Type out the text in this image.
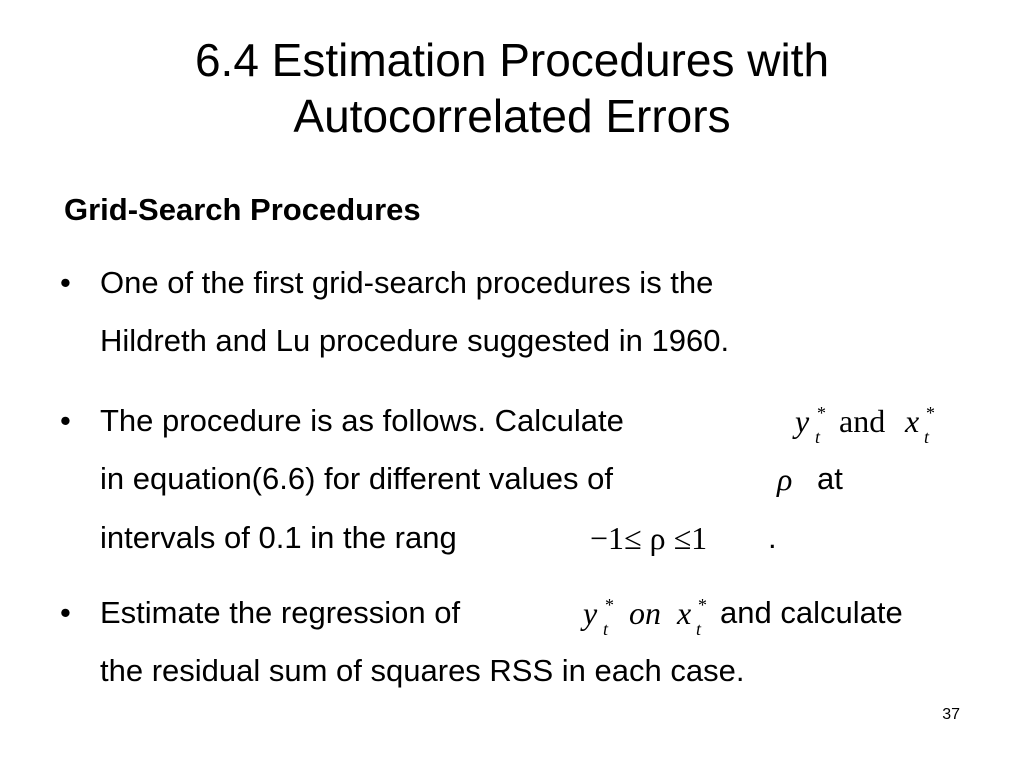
6.4 Estimation Procedures with
Autocorrelated Errors
Grid-Search Procedures
• One of the first grid-search procedures is the
Hildreth and Lu procedure suggested in 1960.
• The procedure is as follows. Calculate	y *
t and x *
t
in equation(6.6) for different values of	ρ at
intervals of 0.1 in the rang	−1≤ ρ ≤1 .
• Estimate the regression of	y *
t on x *
t and calculate
the residual sum of squares RSS in each case.
37
